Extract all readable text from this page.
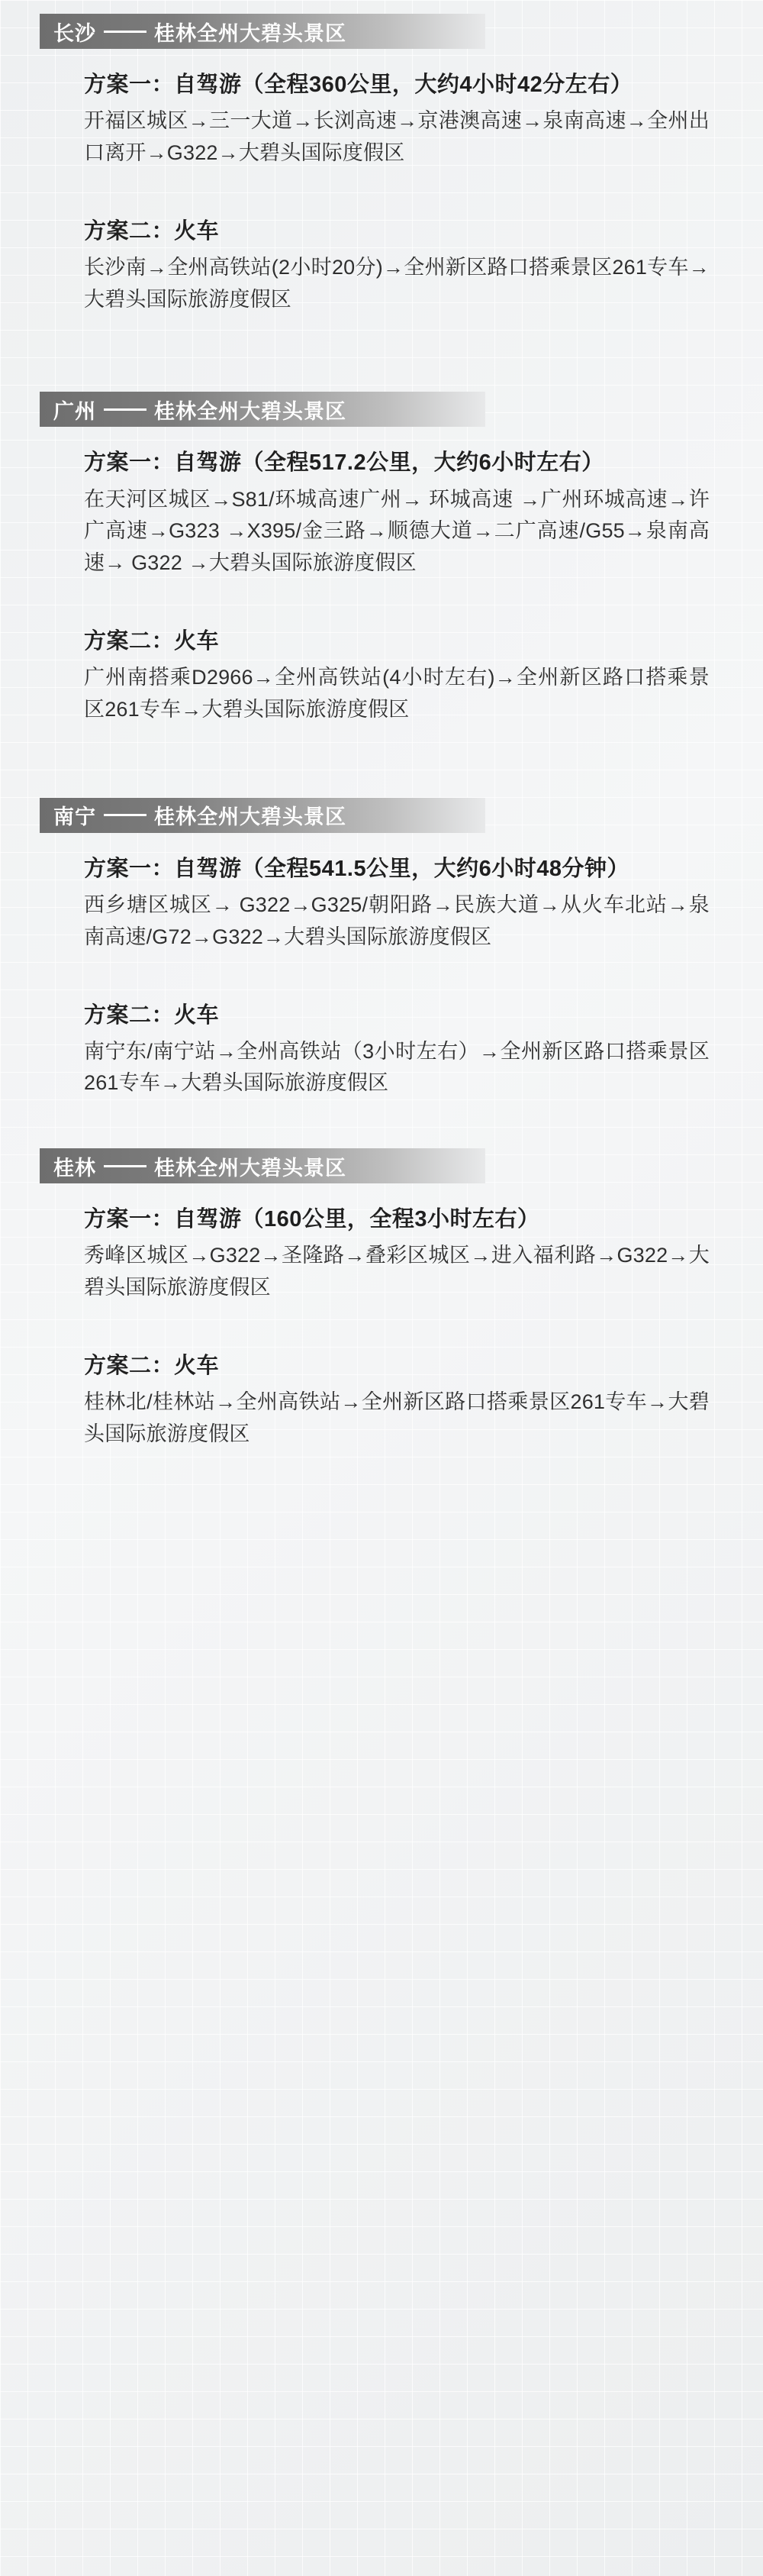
长沙	桂林全州大碧头景区

方案一：自驾游（全程360公里，大约4小时42分左右）

开福区城区→三一大道→长浏高速→京港澳高速→泉南高速→全州出口离开→G322→大碧头国际度假区

方案二：火车

长沙南→全州高铁站(2小时20分)→全州新区路口搭乘景区261专车→大碧头国际旅游度假区

广州	桂林全州大碧头景区

方案一：自驾游（全程517.2公里，大约6小时左右）

在天河区城区→S81/环城高速广州→ 环城高速 →广州环城高速→许广高速→G323 →X395/金三路→顺德大道→二广高速/G55→泉南高速→ G322 →大碧头国际旅游度假区

方案二：火车

广州南搭乘D2966→全州高铁站(4小时左右)→全州新区路口搭乘景区261专车→大碧头国际旅游度假区

南宁	桂林全州大碧头景区

方案一：自驾游（全程541.5公里，大约6小时48分钟）

西乡塘区城区→ G322→G325/朝阳路→民族大道→从火车北站→泉南高速/G72→G322→大碧头国际旅游度假区

方案二：火车

南宁东/南宁站→全州高铁站（3小时左右）→全州新区路口搭乘景区261专车→大碧头国际旅游度假区

桂林	桂林全州大碧头景区

方案一：自驾游（160公里，全程3小时左右）

秀峰区城区→G322→圣隆路→叠彩区城区→进入福利路→G322→大碧头国际旅游度假区

方案二：火车

桂林北/桂林站→全州高铁站→全州新区路口搭乘景区261专车→大碧头国际旅游度假区
